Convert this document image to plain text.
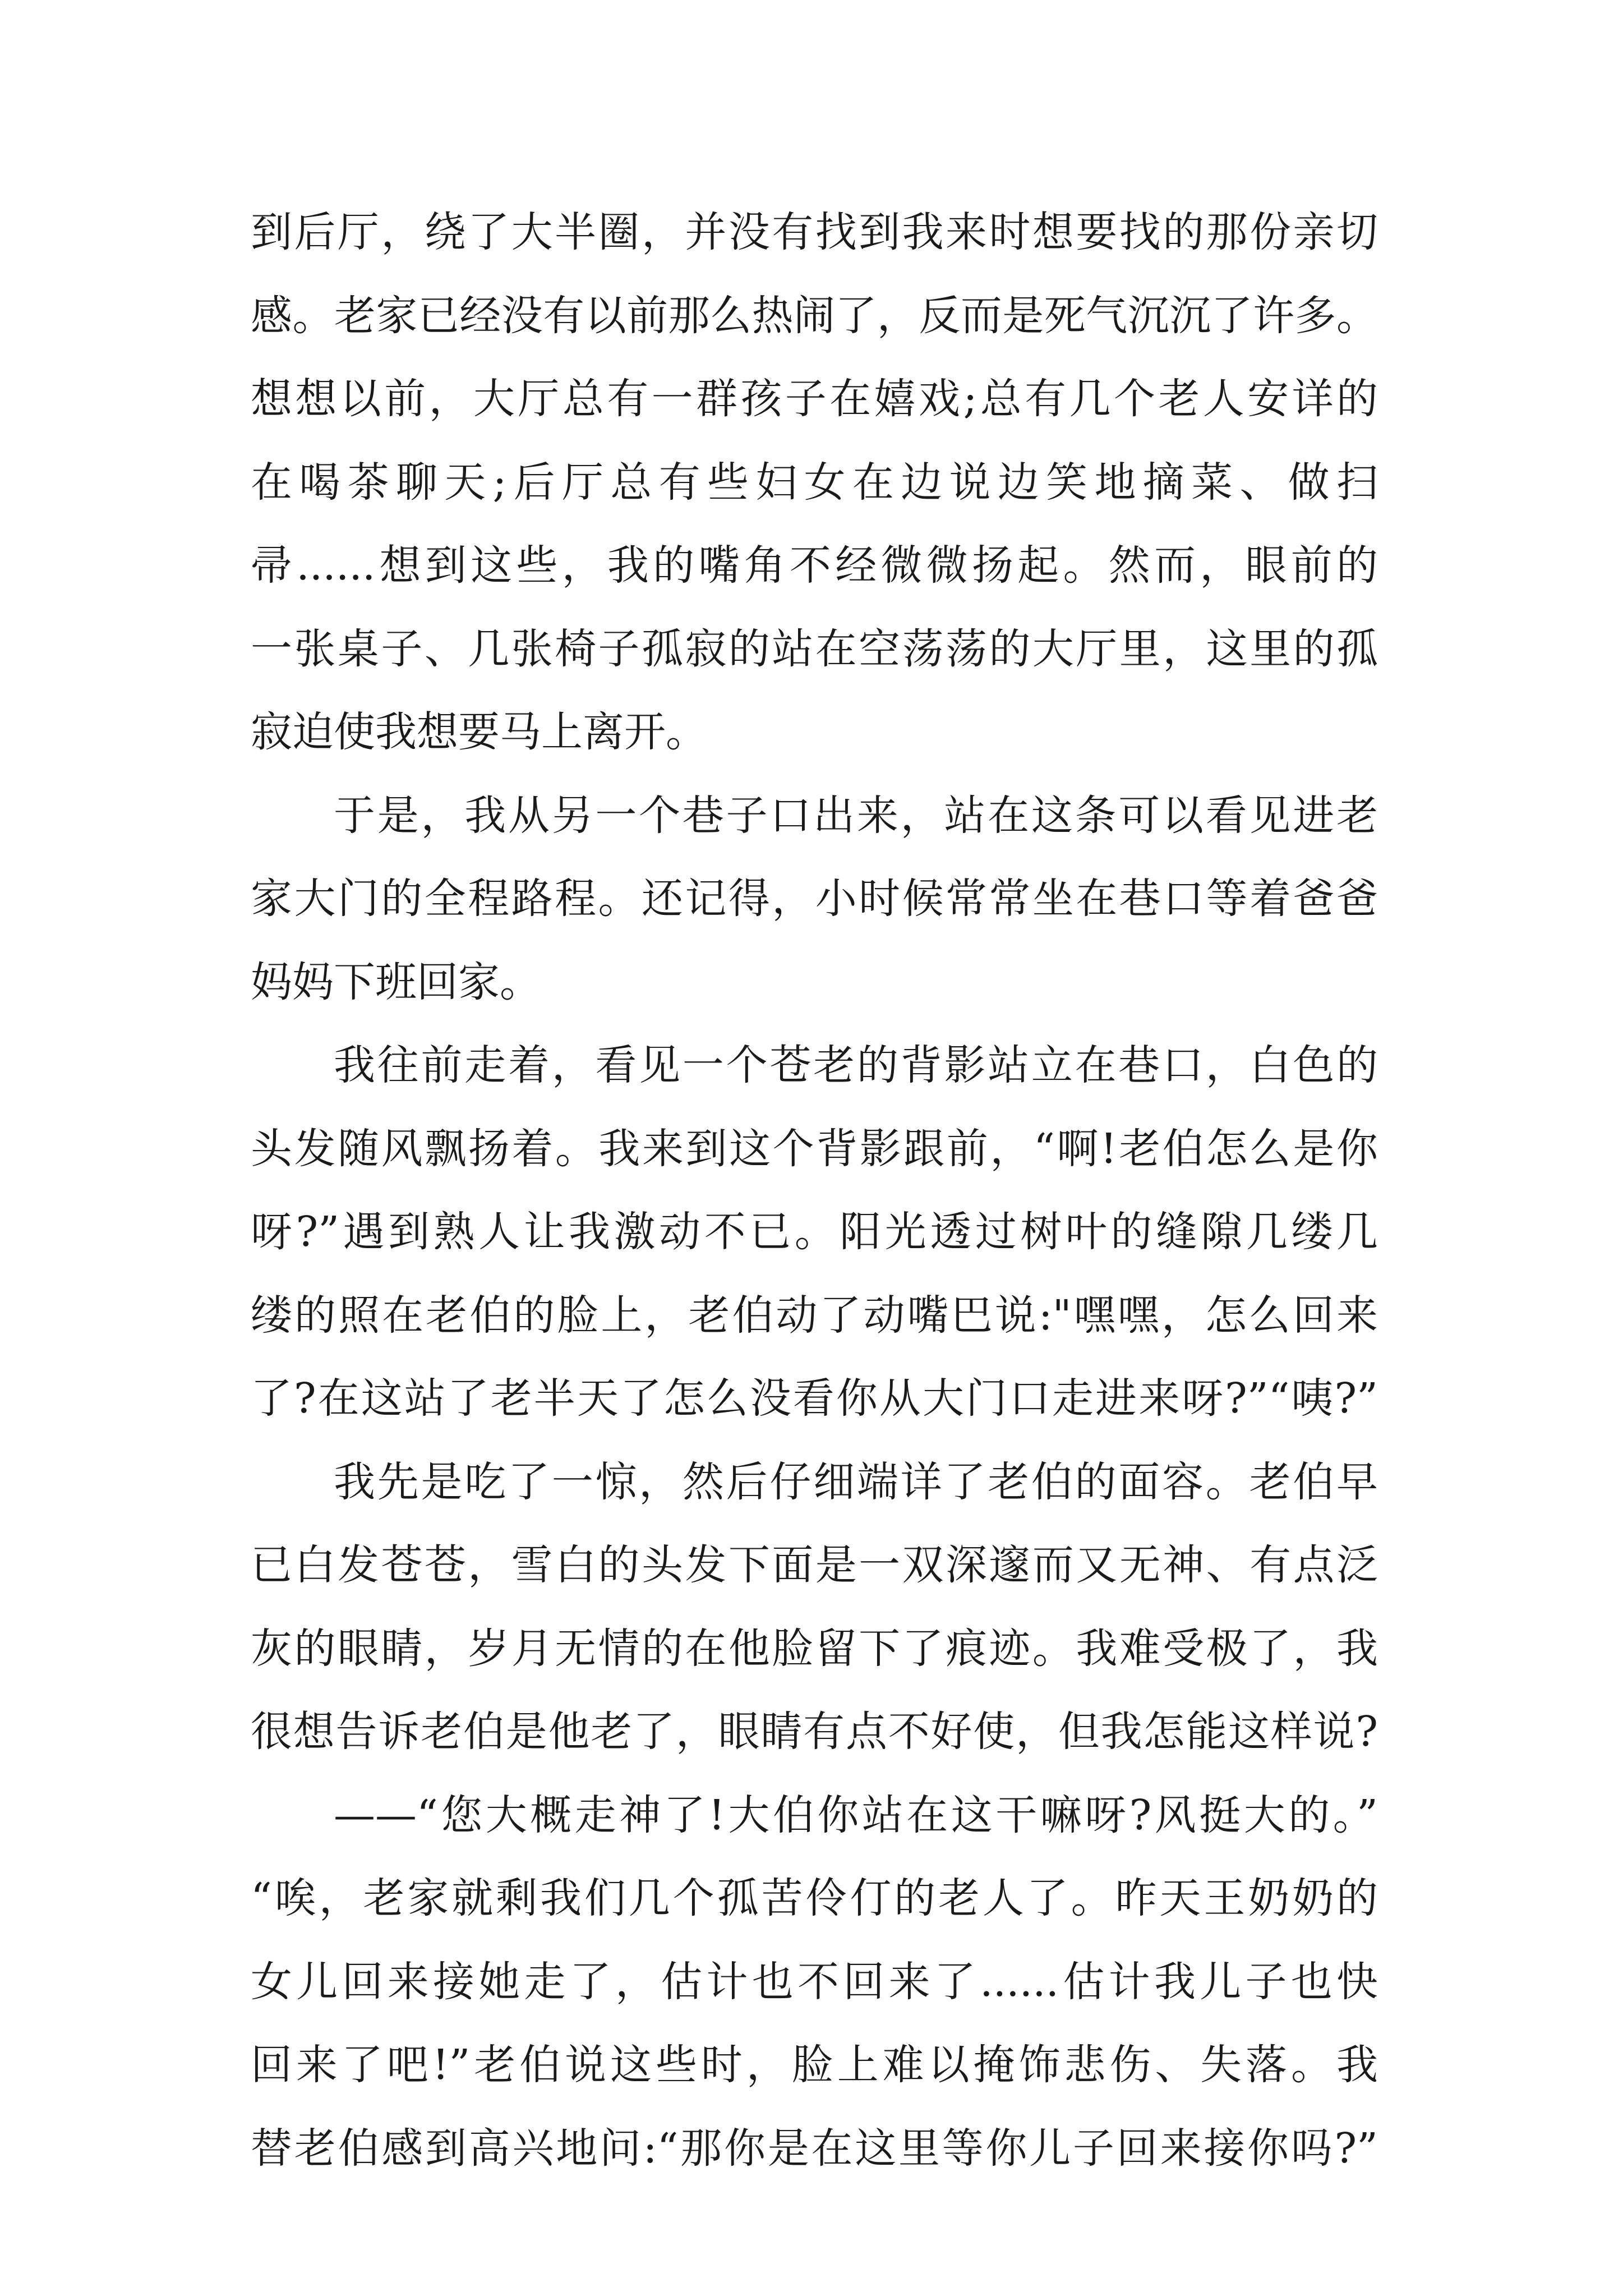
到后厅，绕了大半圈，并没有找到我来时想要找的那份亲切
感。老家已经没有以前那么热闹了，反而是死气沉沉了许多。
想想以前，大厅总有一群孩子在嬉戏;总有几个老人安详的
在喝茶聊天;后厅总有些妇女在边说边笑地摘菜、做扫
帚......想到这些，我的嘴角不经微微扬起。然而，眼前的
一张桌子、几张椅子孤寂的站在空荡荡的大厅里，这里的孤
寂迫使我想要马上离开。
于是，我从另一个巷子口出来，站在这条可以看见进老
家大门的全程路程。还记得，小时候常常坐在巷口等着爸爸
妈妈下班回家。
我往前走着，看见一个苍老的背影站立在巷口，白色的
头发随风飘扬着。我来到这个背影跟前，“啊!老伯怎么是你
呀?”遇到熟人让我激动不已。阳光透过树叶的缝隙几缕几
缕的照在老伯的脸上，老伯动了动嘴巴说:"嘿嘿，怎么回来
了?在这站了老半天了怎么没看你从大门口走进来呀?”“咦?”
我先是吃了一惊，然后仔细端详了老伯的面容。老伯早
已白发苍苍，雪白的头发下面是一双深邃而又无神、有点泛
灰的眼睛，岁月无情的在他脸留下了痕迹。我难受极了，我
很想告诉老伯是他老了，眼睛有点不好使，但我怎能这样说?
——“您大概走神了!大伯你站在这干嘛呀?风挺大的。”
“唉，老家就剩我们几个孤苦伶仃的老人了。昨天王奶奶的
女儿回来接她走了，估计也不回来了......估计我儿子也快
回来了吧!”老伯说这些时，脸上难以掩饰悲伤、失落。我
替老伯感到高兴地问:“那你是在这里等你儿子回来接你吗?”
